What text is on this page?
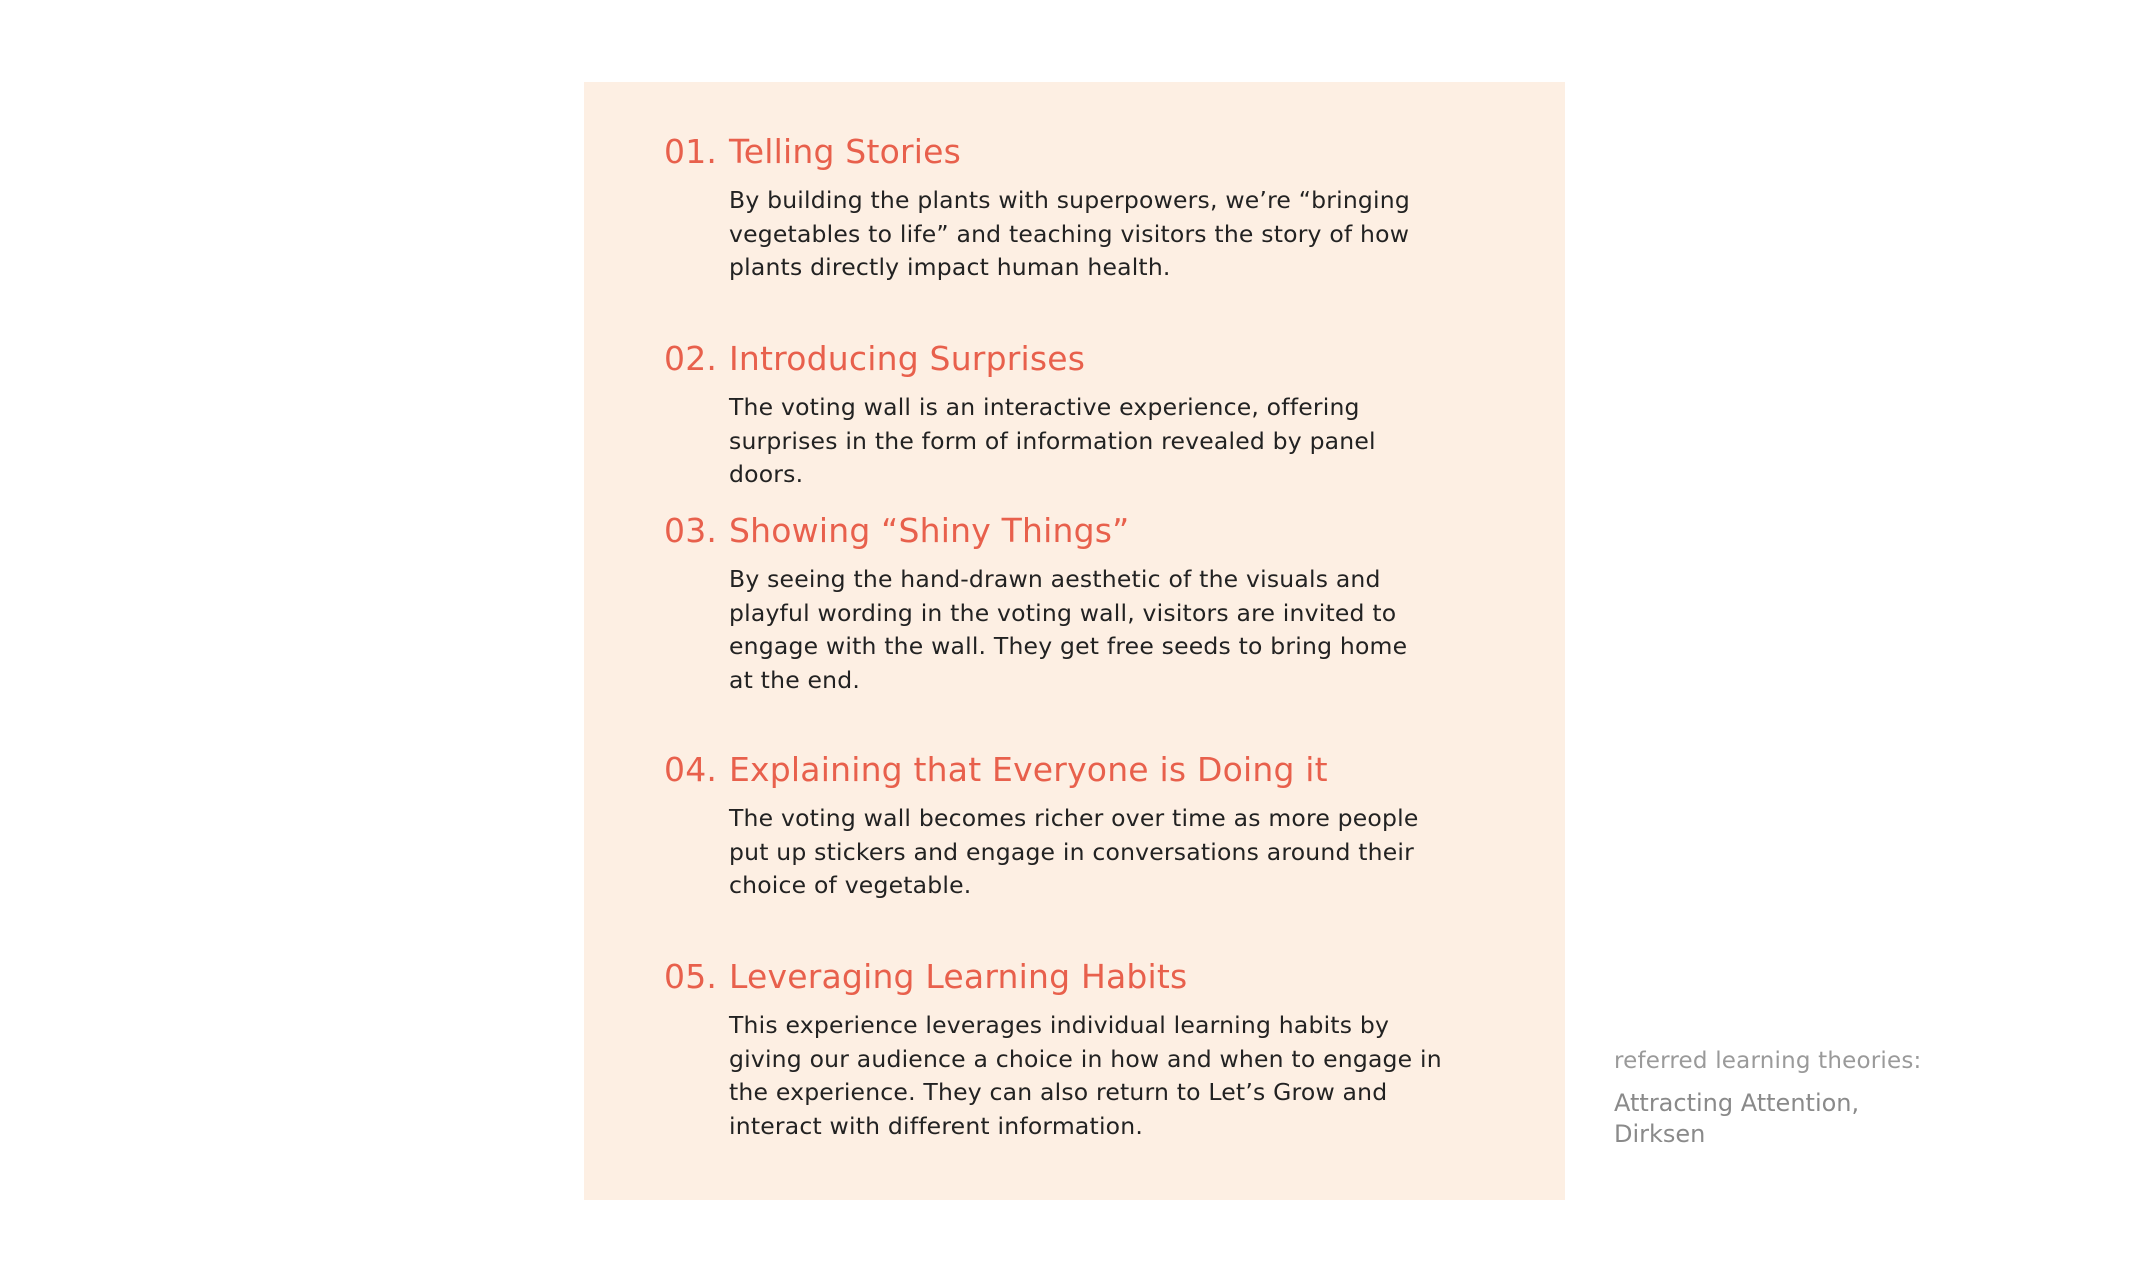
01. Telling Stories
By building the plants with superpowers, we’re “bringing vegetables to life” and teaching visitors the story of how plants directly impact human health.
02. Introducing Surprises
The voting wall is an interactive experience, offering surprises in the form of information revealed by panel doors.
03. Showing “Shiny Things”
By seeing the hand-drawn aesthetic of the visuals and playful wording in the voting wall, visitors are invited to engage with the wall. They get free seeds to bring home at the end.
04. Explaining that Everyone is Doing it
The voting wall becomes richer over time as more people put up stickers and engage in conversations around their choice of vegetable.
05. Leveraging Learning Habits
This experience leverages individual learning habits by giving our audience a choice in how and when to engage in the experience. They can also return to Let’s Grow and interact with different information.
referred learning theories:
Attracting Attention,
Dirksen
